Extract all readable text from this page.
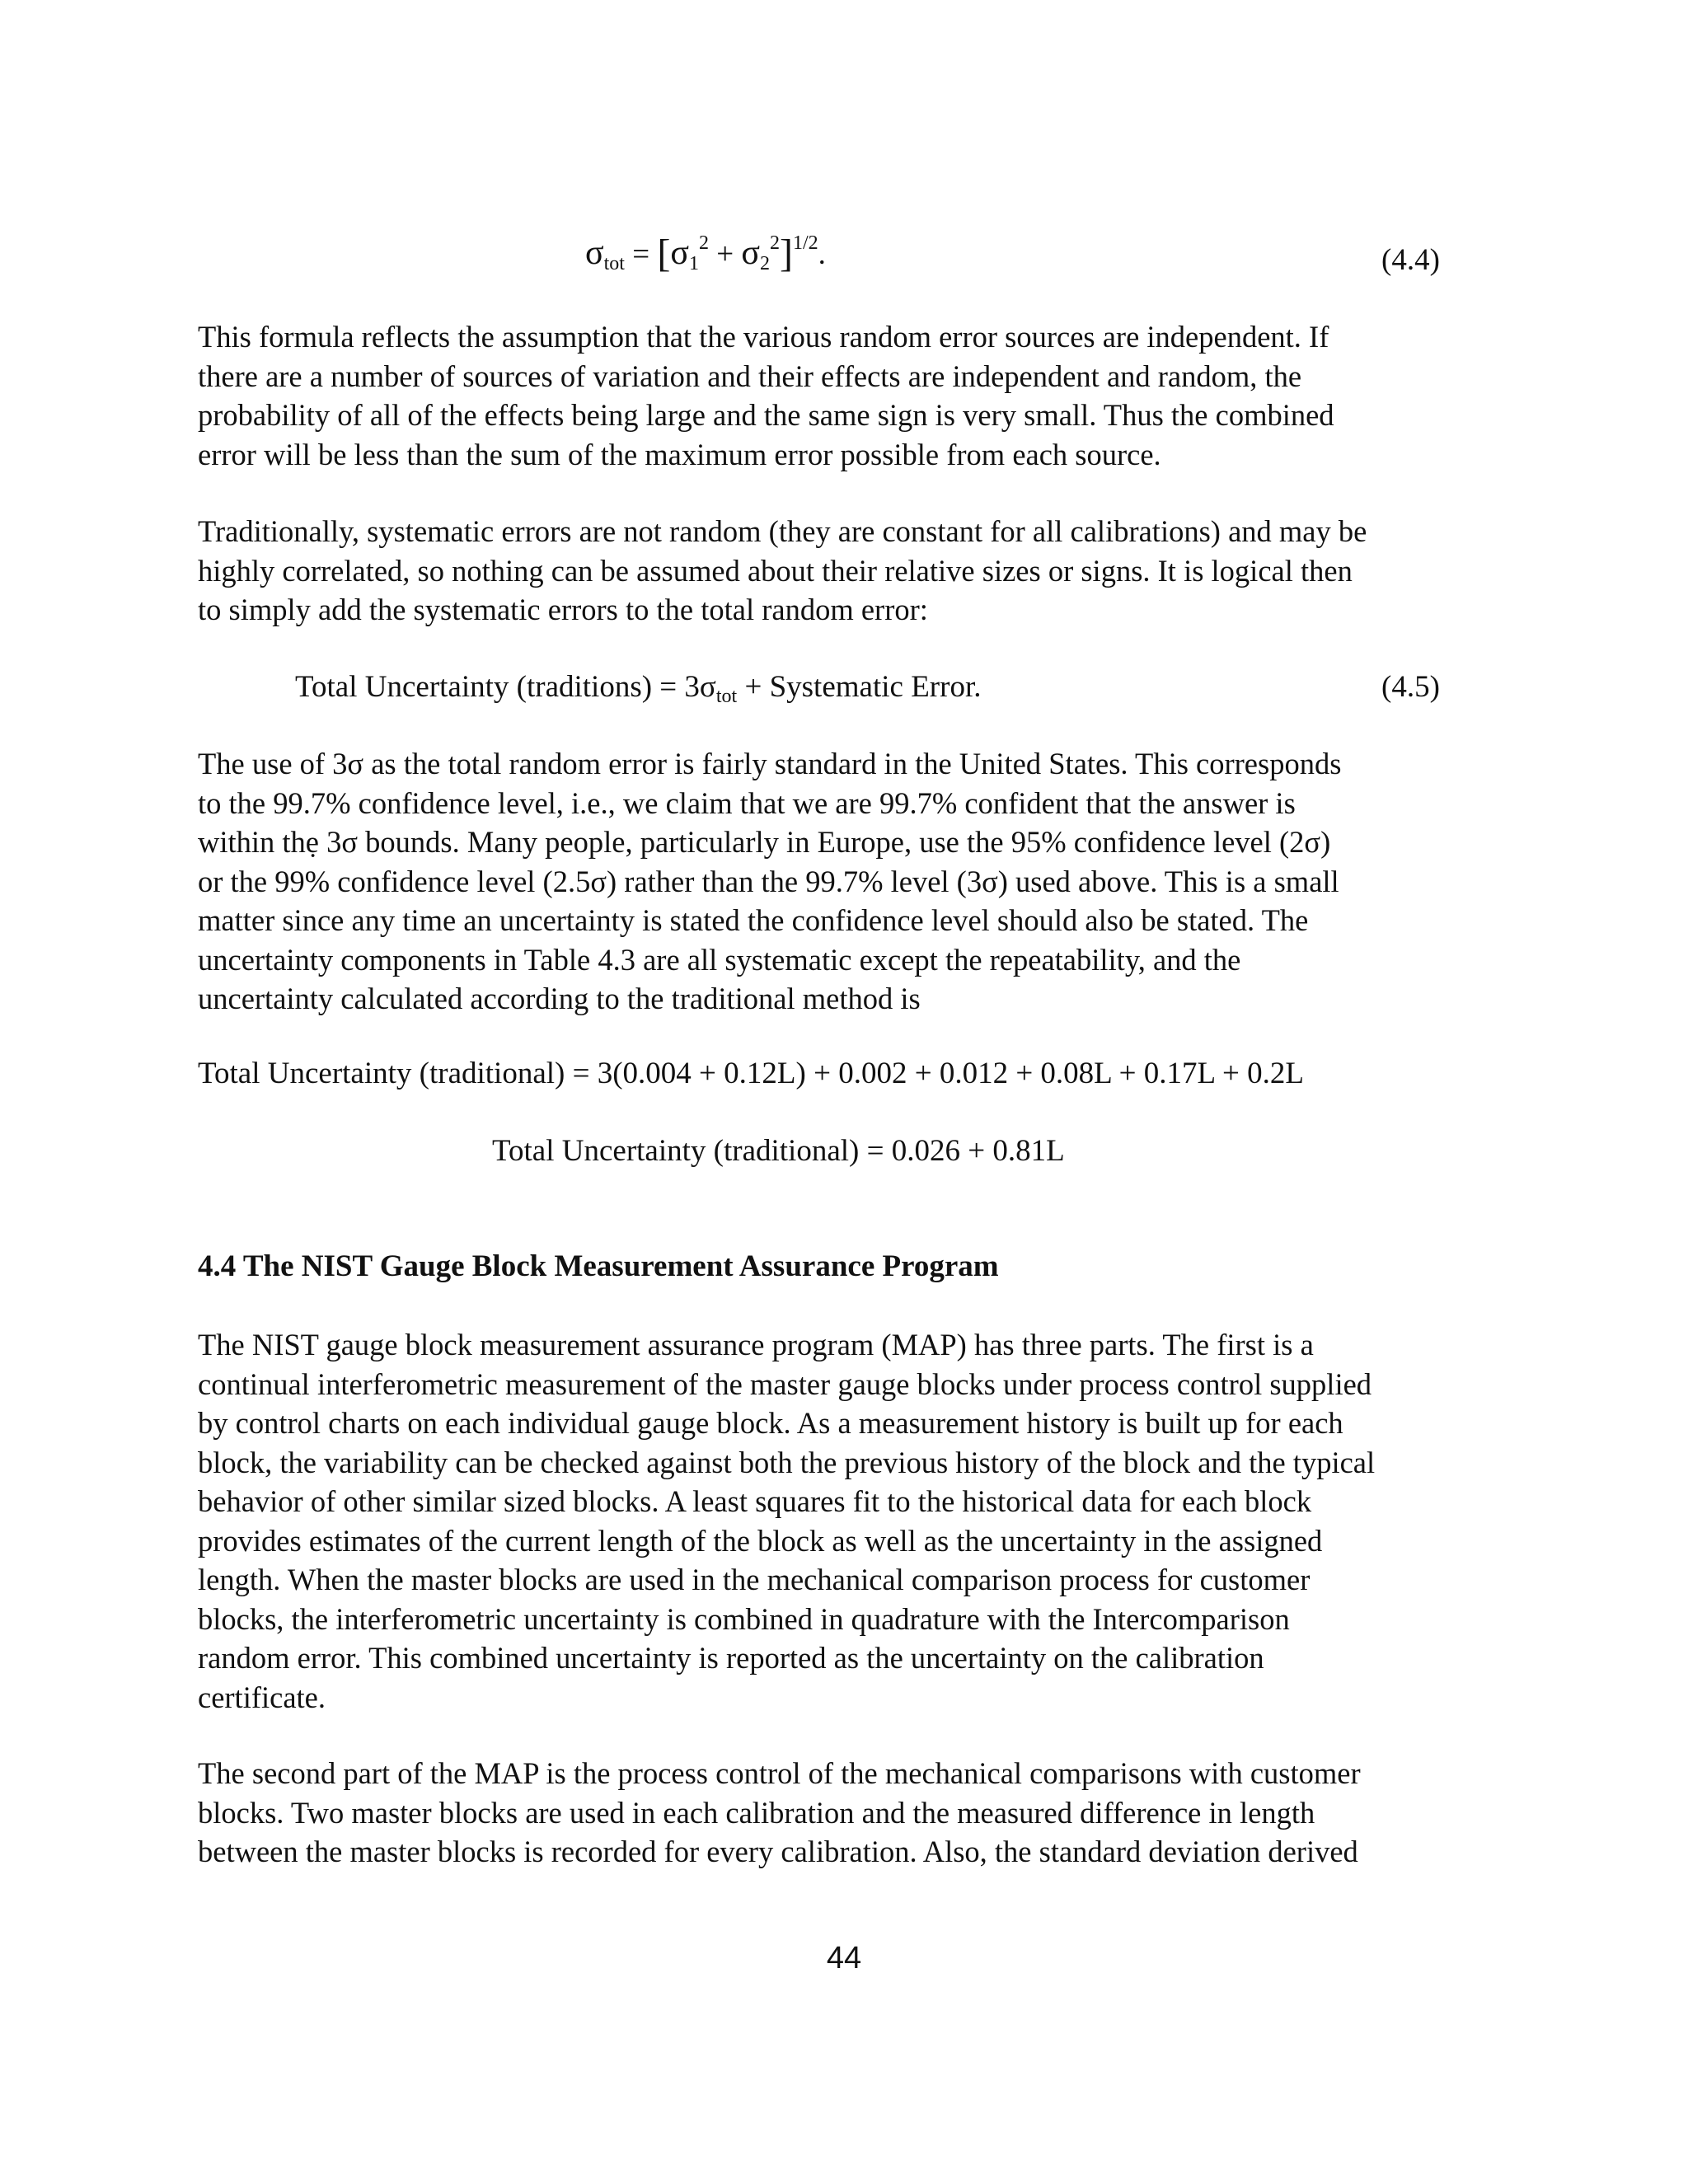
$\sigma tot = [\sigma 1^2 + \sigma 2^2]^{1/2}$.	(4.4)
This formula reflects the assumption that the various random error sources are independent. If
there are a number of sources of variation and their effects are independent and random, the
probability of all of the effects being large and the same sign is very small. Thus the combined
error will be less than the sum of the maximum error possible from each source.
Traditionally, systematic errors are not random (they are constant for all calibrations) and may be
highly correlated, so nothing can be assumed about their relative sizes or signs. It is logical then
to simply add the systematic errors to the total random error:
Total Uncertainty (traditions) = 3σtot + Systematic Error.	(4.5)
The use of 3σ as the total random error is fairly standard in the United States. This corresponds
to the 99.7% confidence level, i.e., we claim that we are 99.7% confident that the answer is
within thẹ 3σ bounds. Many people, particularly in Europe, use the 95% confidence level (2σ)
or the 99% confidence level (2.5σ) rather than the 99.7% level (3σ) used above. This is a small
matter since any time an uncertainty is stated the confidence level should also be stated. The
uncertainty components in Table 4.3 are all systematic except the repeatability, and the
uncertainty calculated according to the traditional method is
Total Uncertainty (traditional) = 3(0.004 + 0.12L) + 0.002 + 0.012 + 0.08L + 0.17L + 0.2L
Total Uncertainty (traditional) = 0.026 + 0.81L
4.4 The NIST Gauge Block Measurement Assurance Program
The NIST gauge block measurement assurance program (MAP) has three parts. The first is a
continual interferometric measurement of the master gauge blocks under process control supplied
by control charts on each individual gauge block. As a measurement history is built up for each
block, the variability can be checked against both the previous history of the block and the typical
behavior of other similar sized blocks. A least squares fit to the historical data for each block
provides estimates of the current length of the block as well as the uncertainty in the assigned
length. When the master blocks are used in the mechanical comparison process for customer
blocks, the interferometric uncertainty is combined in quadrature with the Intercomparison
random error. This combined uncertainty is reported as the uncertainty on the calibration
certificate.
The second part of the MAP is the process control of the mechanical comparisons with customer
blocks. Two master blocks are used in each calibration and the measured difference in length
between the master blocks is recorded for every calibration. Also, the standard deviation derived
44
